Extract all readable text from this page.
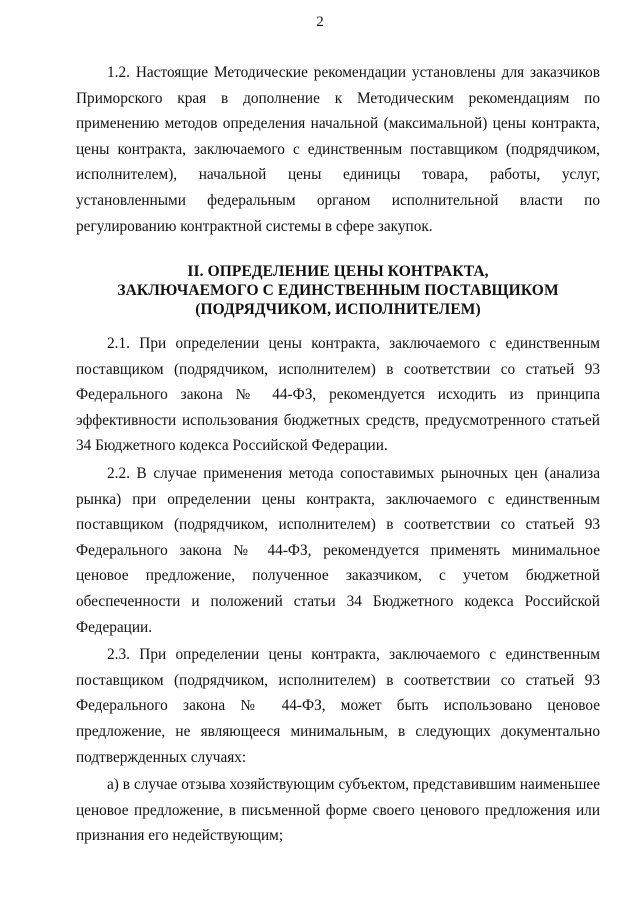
2

1.2. Настоящие Методические рекомендации установлены для заказчиков Приморского края в дополнение к Методическим рекомендациям по применению методов определения начальной (максимальной) цены контракта, цены контракта, заключаемого с единственным поставщиком (подрядчиком, исполнителем), начальной цены единицы товара, работы, услуг, установленными федеральным органом исполнительной власти по регулированию контрактной системы в сфере закупок.

II. ОПРЕДЕЛЕНИЕ ЦЕНЫ КОНТРАКТА,
ЗАКЛЮЧАЕМОГО С ЕДИНСТВЕННЫМ ПОСТАВЩИКОМ
(ПОДРЯДЧИКОМ, ИСПОЛНИТЕЛЕМ)

2.1. При определении цены контракта, заключаемого с единственным поставщиком (подрядчиком, исполнителем) в соответствии со статьей 93 Федерального закона № 44-ФЗ, рекомендуется исходить из принципа эффективности использования бюджетных средств, предусмотренного статьей 34 Бюджетного кодекса Российской Федерации.

2.2. В случае применения метода сопоставимых рыночных цен (анализа рынка) при определении цены контракта, заключаемого с единственным поставщиком (подрядчиком, исполнителем) в соответствии со статьей 93 Федерального закона № 44-ФЗ, рекомендуется применять минимальное ценовое предложение, полученное заказчиком, с учетом бюджетной обеспеченности и положений статьи 34 Бюджетного кодекса Российской Федерации.

2.3. При определении цены контракта, заключаемого с единственным поставщиком (подрядчиком, исполнителем) в соответствии со статьей 93 Федерального закона № 44-ФЗ, может быть использовано ценовое предложение, не являющееся минимальным, в следующих документально подтвержденных случаях:

а) в случае отзыва хозяйствующим субъектом, представившим наименьшее ценовое предложение, в письменной форме своего ценового предложения или признания его недействующим;
